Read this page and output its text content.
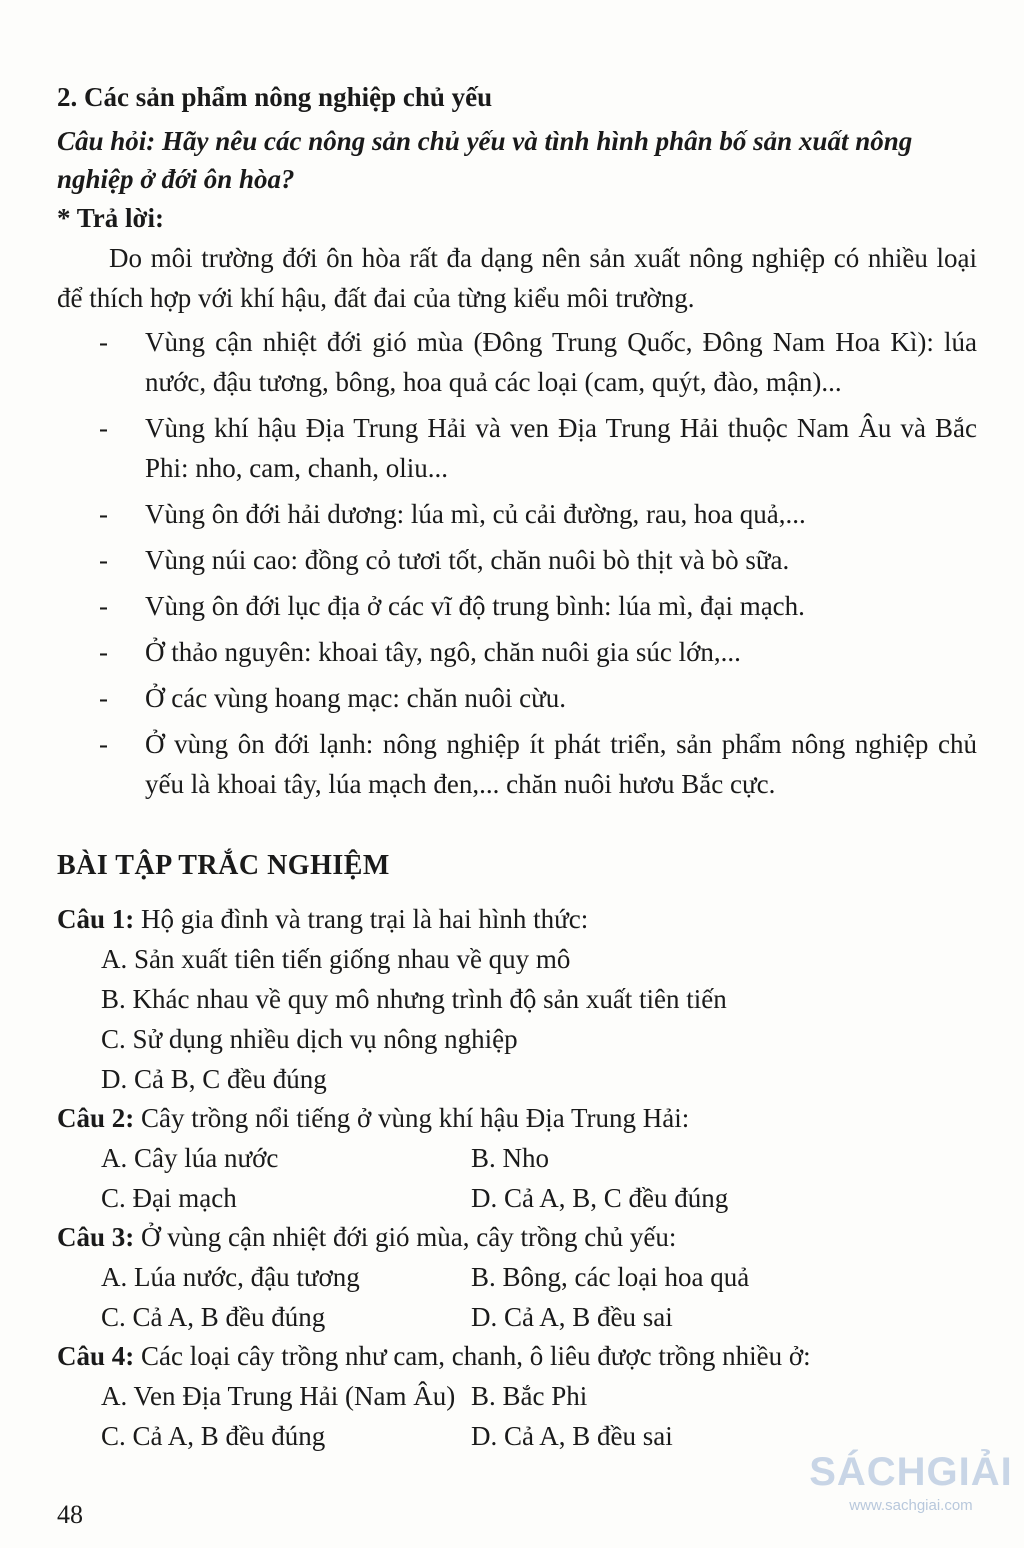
2. Các sản phẩm nông nghiệp chủ yếu

Câu hỏi: Hãy nêu các nông sản chủ yếu và tình hình phân bố sản xuất nông nghiệp ở đới ôn hòa?

* Trả lời:

Do môi trường đới ôn hòa rất đa dạng nên sản xuất nông nghiệp có nhiều loại để thích hợp với khí hậu, đất đai của từng kiểu môi trường.

- Vùng cận nhiệt đới gió mùa (Đông Trung Quốc, Đông Nam Hoa Kì): lúa nước, đậu tương, bông, hoa quả các loại (cam, quýt, đào, mận)...
- Vùng khí hậu Địa Trung Hải và ven Địa Trung Hải thuộc Nam Âu và Bắc Phi: nho, cam, chanh, oliu...
- Vùng ôn đới hải dương: lúa mì, củ cải đường, rau, hoa quả,...
- Vùng núi cao: đồng cỏ tươi tốt, chăn nuôi bò thịt và bò sữa.
- Vùng ôn đới lục địa ở các vĩ độ trung bình: lúa mì, đại mạch.
- Ở thảo nguyên: khoai tây, ngô, chăn nuôi gia súc lớn,...
- Ở các vùng hoang mạc: chăn nuôi cừu.
- Ở vùng ôn đới lạnh: nông nghiệp ít phát triển, sản phẩm nông nghiệp chủ yếu là khoai tây, lúa mạch đen,... chăn nuôi hươu Bắc cực.

BÀI TẬP TRẮC NGHIỆM

Câu 1: Hộ gia đình và trang trại là hai hình thức:

A. Sản xuất tiên tiến giống nhau về quy mô
B. Khác nhau về quy mô nhưng trình độ sản xuất tiên tiến
C. Sử dụng nhiều dịch vụ nông nghiệp
D. Cả B, C đều đúng

Câu 2: Cây trồng nổi tiếng ở vùng khí hậu Địa Trung Hải:

A. Cây lúa nước	B. Nho
C. Đại mạch	D. Cả A, B, C đều đúng

Câu 3: Ở vùng cận nhiệt đới gió mùa, cây trồng chủ yếu:

A. Lúa nước, đậu tương	B. Bông, các loại hoa quả
C. Cả A, B đều đúng	D. Cả A, B đều sai

Câu 4: Các loại cây trồng như cam, chanh, ô liêu được trồng nhiều ở:

A. Ven Địa Trung Hải (Nam Âu) B. Bắc Phi
C. Cả A, B đều đúng	D. Cả A, B đều sai
48
SÁCHGIẢI
www.sachgiai.com
